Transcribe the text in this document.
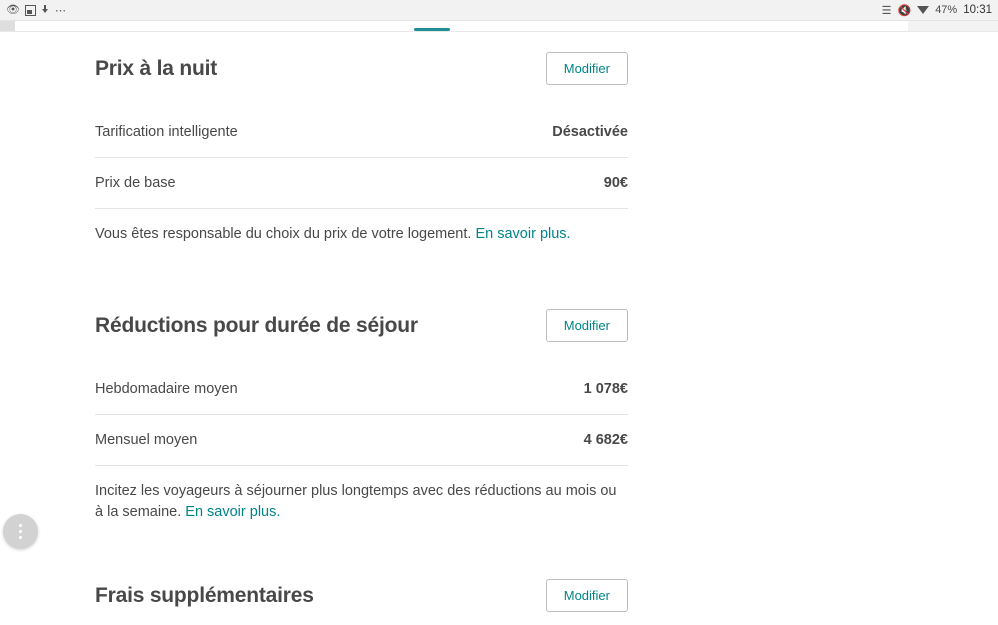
👁	⋯	☰ 🔇 47% 10:31
Prix à la nuit	Modifier
Tarification intelligente	Désactivée
Prix de base	90€
Vous êtes responsable du choix du prix de votre logement. En savoir plus.
Réductions pour durée de séjour	Modifier
Hebdomadaire moyen	1 078€
Mensuel moyen	4 682€
Incitez les voyageurs à séjourner plus longtemps avec des réductions au mois ou à la semaine. En savoir plus.
Frais supplémentaires	Modifier
